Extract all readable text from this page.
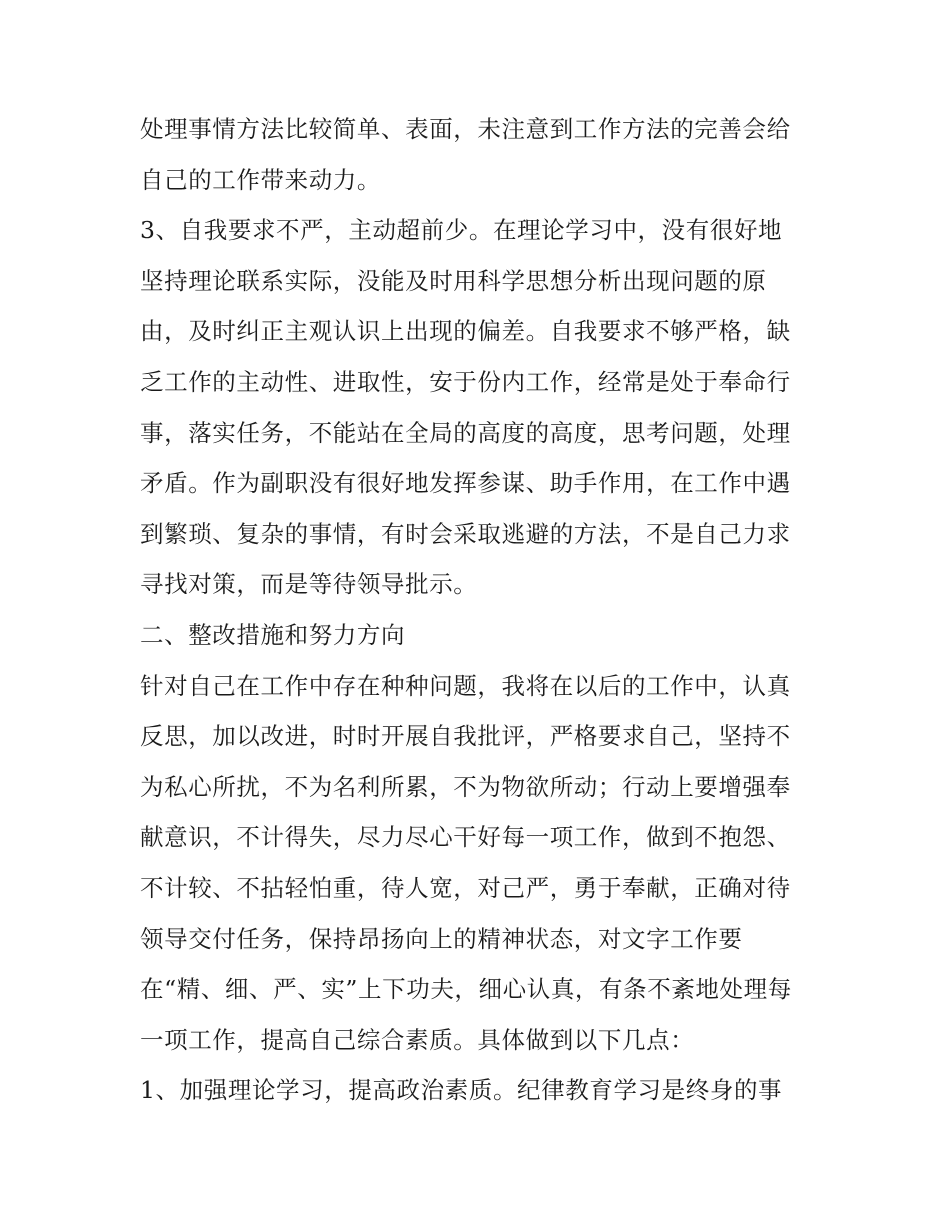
处理事情方法比较简单、表面，未注意到工作方法的完善会给
自己的工作带来动力。
3、自我要求不严，主动超前少。在理论学习中，没有很好地
坚持理论联系实际，没能及时用科学思想分析出现问题的原
由，及时纠正主观认识上出现的偏差。自我要求不够严格，缺
乏工作的主动性、进取性，安于份内工作，经常是处于奉命行
事，落实任务，不能站在全局的高度的高度，思考问题，处理
矛盾。作为副职没有很好地发挥参谋、助手作用，在工作中遇
到繁琐、复杂的事情，有时会采取逃避的方法，不是自己力求
寻找对策，而是等待领导批示。
二、整改措施和努力方向
针对自己在工作中存在种种问题，我将在以后的工作中，认真
反思，加以改进，时时开展自我批评，严格要求自己，坚持不
为私心所扰，不为名利所累，不为物欲所动；行动上要增强奉
献意识，不计得失，尽力尽心干好每一项工作，做到不抱怨、
不计较、不拈轻怕重，待人宽，对己严，勇于奉献，正确对待
领导交付任务，保持昂扬向上的精神状态，对文字工作要
在“精、细、严、实”上下功夫，细心认真，有条不紊地处理每
一项工作，提高自己综合素质。具体做到以下几点：
1、加强理论学习，提高政治素质。纪律教育学习是终身的事
